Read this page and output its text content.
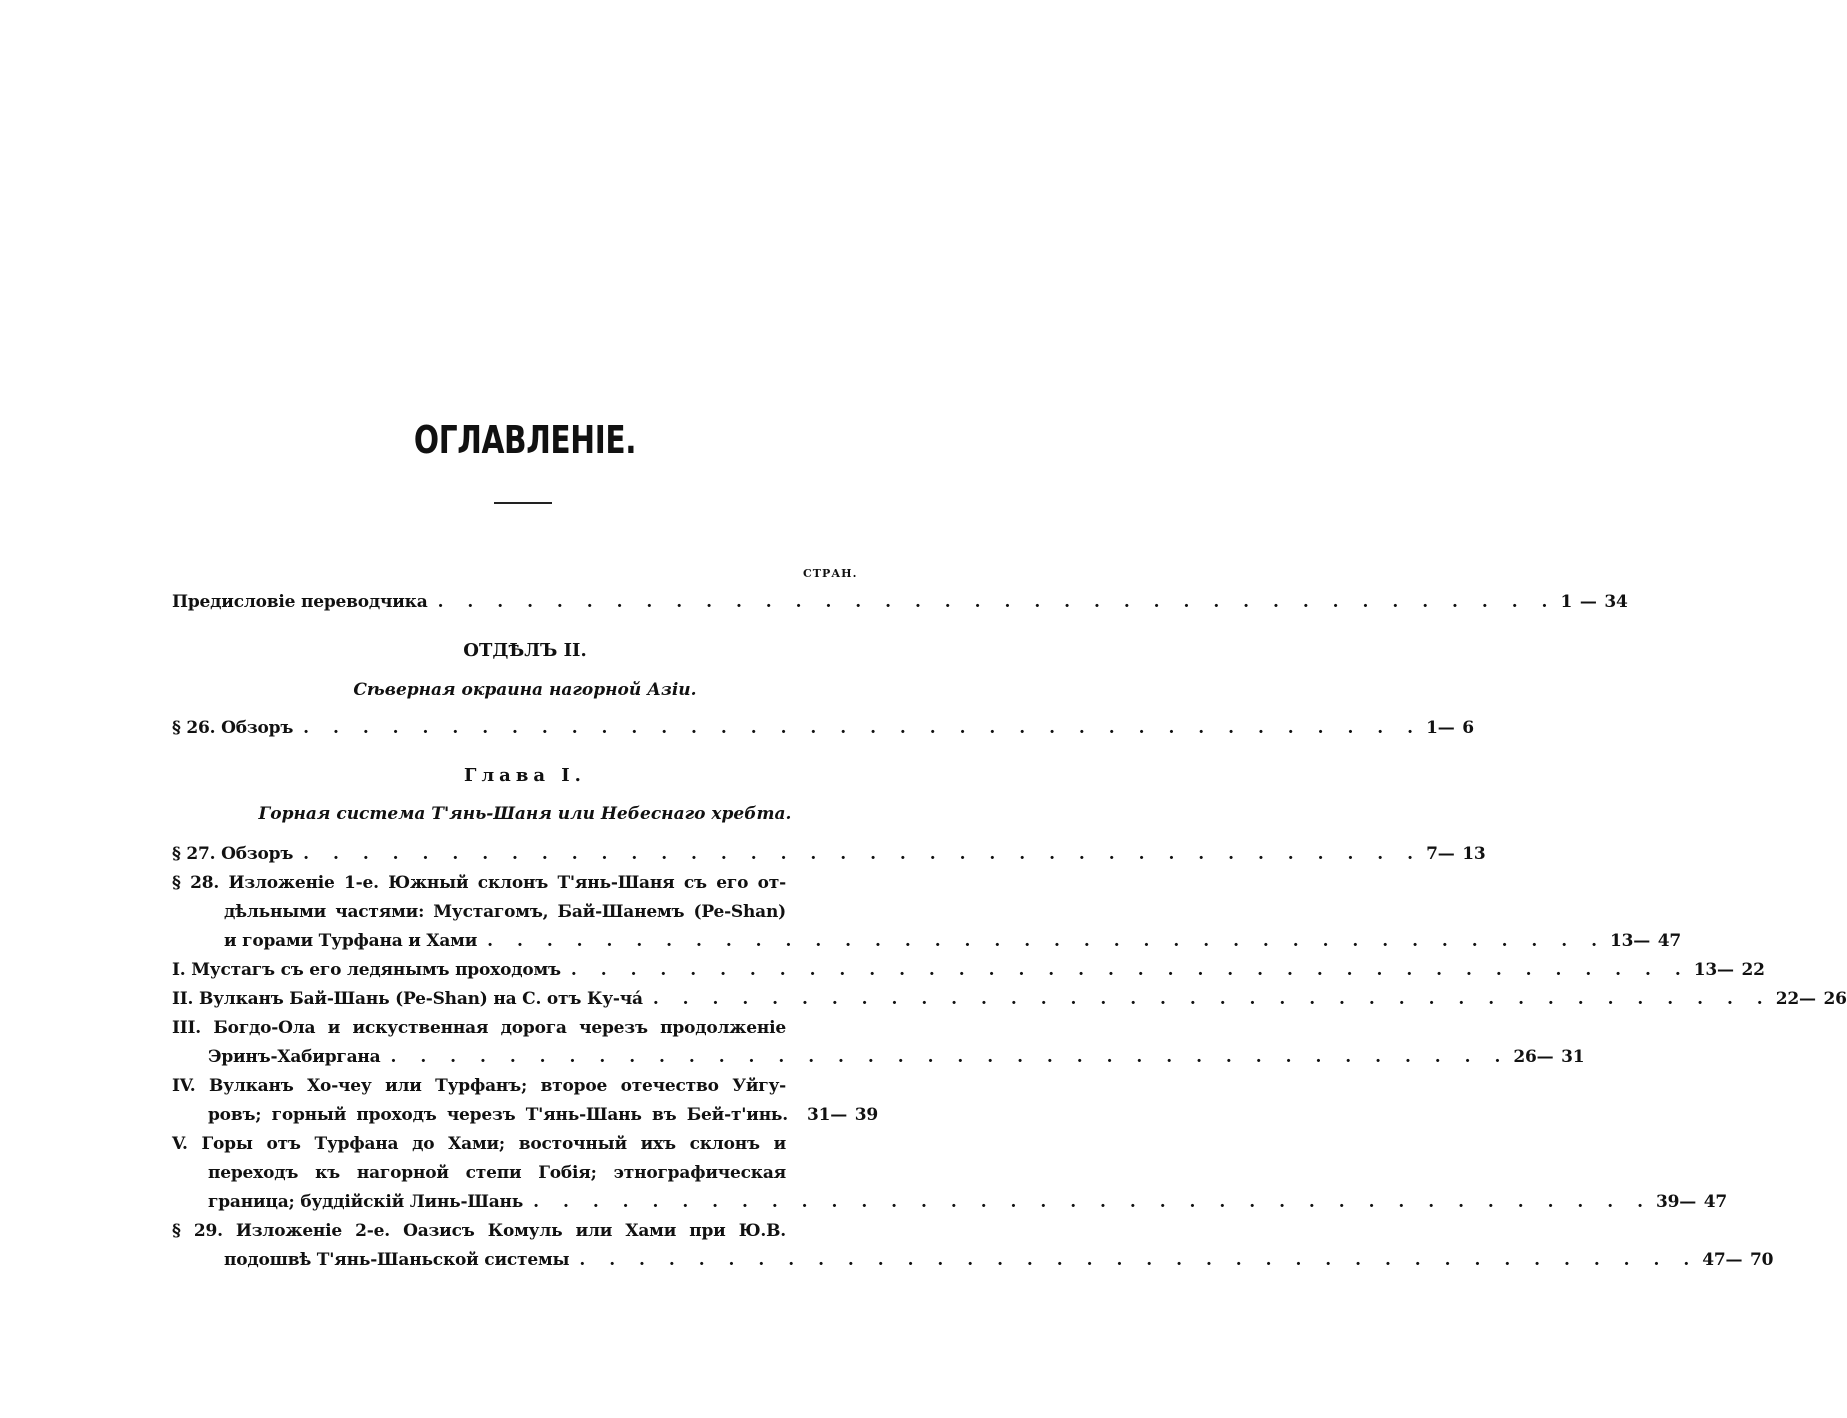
ОГЛАВЛЕНІЕ.
СТРАН.
Предисловіе переводчика . . . . . . . . . . . . . . . . . . . . . . . . . . . . . . . . . . . . . . 1 — 34
ОТДѢЛЪ II.
Сѣверная окраина нагорной Азіи.
§ 26. Обзоръ . . . . . . . . . . . . . . . . . . . . . . . . . . . . . . . . . . . . . . 1— 6
Глава I.
Горная система Т'янь-Шаня или Небеснаго хребта.
§ 27. Обзоръ . . . . . . . . . . . . . . . . . . . . . . . . . . . . . . . . . . . . . . 7— 13
§ 28. Изложеніе 1-е. Южный склонъ Т'янь-Шаня съ его от-
дѣльными частями: Мустагомъ, Бай-Шанемъ (Pe-Shan)
и горами Турфана и Хами . . . . . . . . . . . . . . . . . . . . . . . . . . . . . . . . . . . . . . 13— 47
I. Мустагъ съ его ледянымъ проходомъ . . . . . . . . . . . . . . . . . . . . . . . . . . . . . . . . . . . . . . 13— 22
II. Вулканъ Бай-Шань (Pe-Shan) на С. отъ Ку-ча́ . . . . . . . . . . . . . . . . . . . . . . . . . . . . . . . . . . . . . . 22— 26
III. Богдо-Ола и искуственная дорога черезъ продолженіе
Эринъ-Хабиргана . . . . . . . . . . . . . . . . . . . . . . . . . . . . . . . . . . . . . . 26— 31
IV. Вулканъ Хо-чеу или Турфанъ; второе отечество Уйгу-
ровъ; горный проходъ черезъ Т'янь-Шань въ Бей-т'инь.	31— 39
V. Горы отъ Турфана до Хами; восточный ихъ склонъ и
переходъ къ нагорной степи Гобія; этнографическая
граница; буддійскій Линь-Шань . . . . . . . . . . . . . . . . . . . . . . . . . . . . . . . . . . . . . . 39— 47
§ 29. Изложеніе 2-е. Оазисъ Комуль или Хами при Ю.В.
подошвѣ Т'янь-Шаньской системы . . . . . . . . . . . . . . . . . . . . . . . . . . . . . . . . . . . . . . 47— 70
